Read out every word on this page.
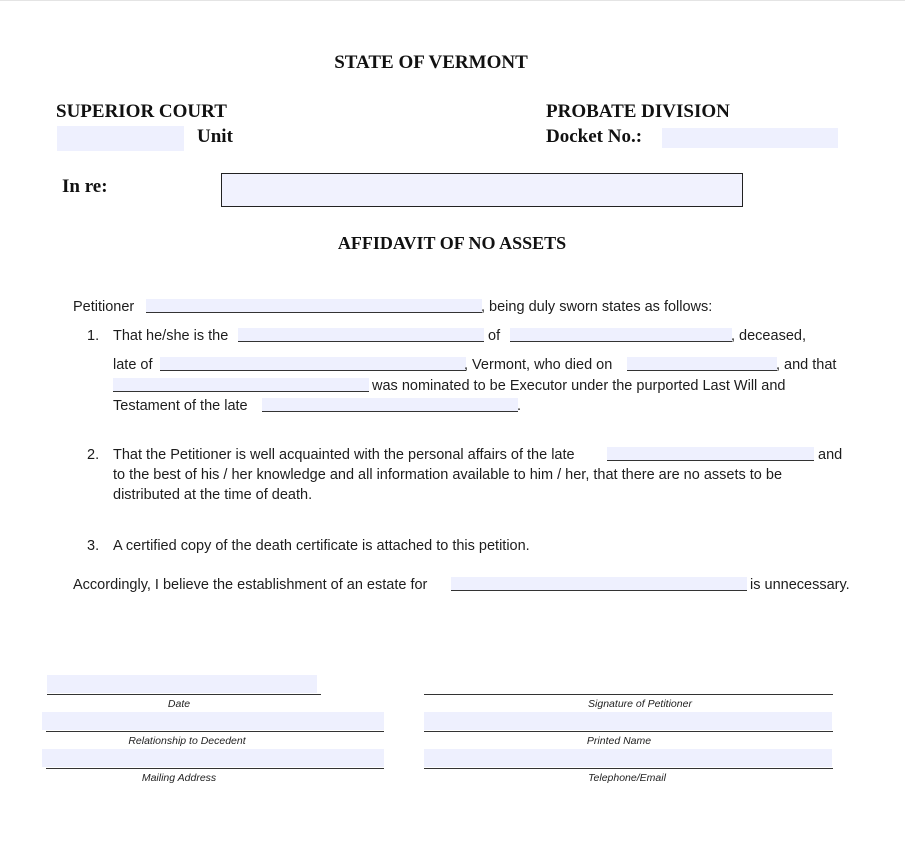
STATE OF VERMONT
SUPERIOR COURT
Unit
PROBATE DIVISION
Docket No.:
In re:
AFFIDAVIT OF NO ASSETS
Petitioner	, being duly sworn states as follows:
1. That he/she is the	of	, deceased,
late of	, Vermont, who died on	, and that
was nominated to be Executor under the purported Last Will and
Testament of the late	.
2. That the Petitioner is well acquainted with the personal affairs of the late	and
to the best of his / her knowledge and all information available to him / her, that there are no assets to be
distributed at the time of death.
3. A certified copy of the death certificate is attached to this petition.
Accordingly, I believe the establishment of an estate for	is unnecessary.
Date
Relationship to Decedent
Mailing Address
Signature of Petitioner
Printed Name
Telephone/Email
